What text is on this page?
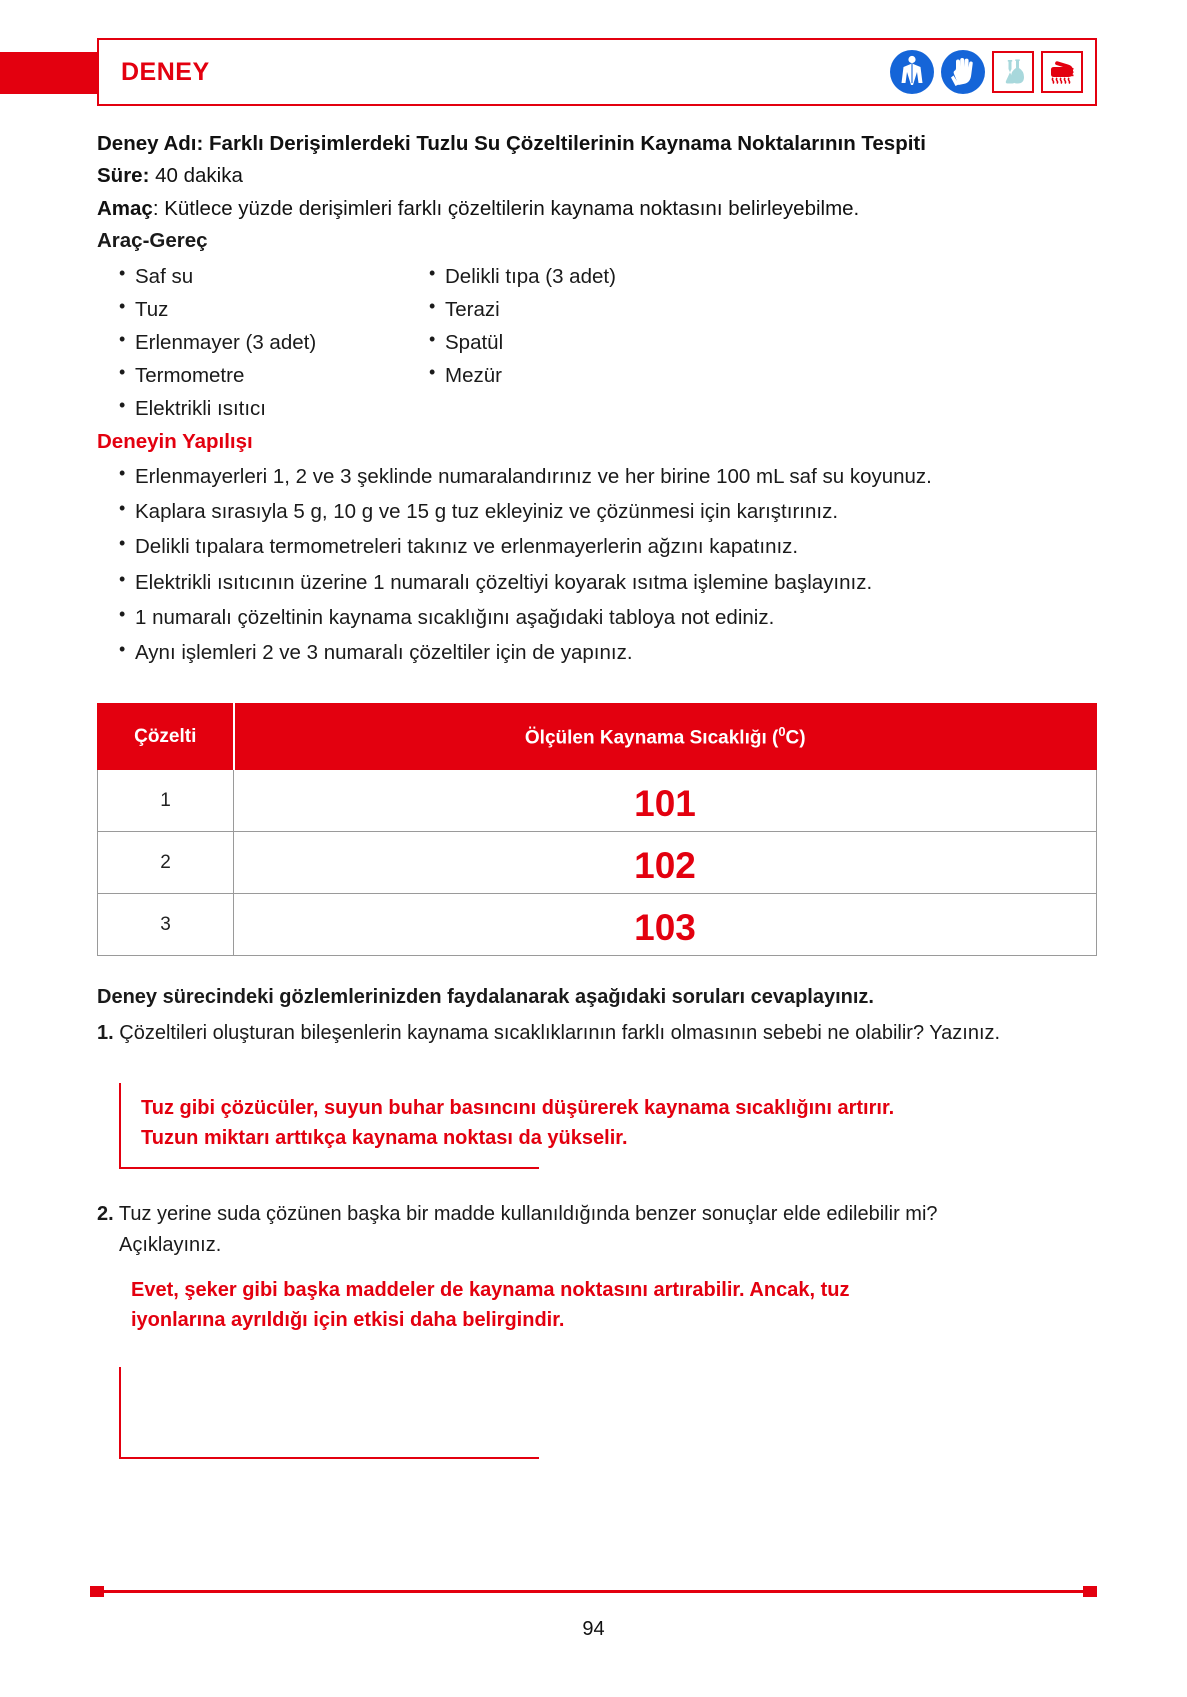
DENEY
Deney Adı: Farklı Derişimlerdeki Tuzlu Su Çözeltilerinin Kaynama Noktalarının Tespiti
Süre: 40 dakika
Amaç: Kütlece yüzde derişimleri farklı çözeltilerin kaynama noktasını belirleyebilme.
Araç-Gereç
• Saf su
• Tuz
• Erlenmayer (3 adet)
• Termometre
• Elektrikli ısıtıcı
• Delikli tıpa (3 adet)
• Terazi
• Spatül
• Mezür
Deneyin Yapılışı
• Erlenmayerleri 1, 2 ve 3 şeklinde numaralandırınız ve her birine 100 mL saf su koyunuz.
• Kaplara sırasıyla 5 g, 10 g ve 15 g tuz ekleyiniz ve çözünmesi için karıştırınız.
• Delikli tıpalara termometreleri takınız ve erlenmayerlerin ağzını kapatınız.
• Elektrikli ısıtıcının üzerine 1 numaralı çözeltiyi koyarak ısıtma işlemine başlayınız.
• 1 numaralı çözeltinin kaynama sıcaklığını aşağıdaki tabloya not ediniz.
• Aynı işlemleri 2 ve 3 numaralı çözeltiler için de yapınız.
Çözelti	Ölçülen Kaynama Sıcaklığı ($^0$C)
1	101
2	102
3	103
Deney sürecindeki gözlemlerinizden faydalanarak aşağıdaki soruları cevaplayınız.
1. Çözeltileri oluşturan bileşenlerin kaynama sıcaklıklarının farklı olmasının sebebi ne olabilir? Yazınız.
Tuz gibi çözücüler, suyun buhar basıncını düşürerek kaynama sıcaklığını artırır.
Tuzun miktarı arttıkça kaynama noktası da yükselir.
2. Tuz yerine suda çözünen başka bir madde kullanıldığında benzer sonuçlar elde edilebilir mi?
Açıklayınız.
Evet, şeker gibi başka maddeler de kaynama noktasını artırabilir. Ancak, tuz
iyonlarına ayrıldığı için etkisi daha belirgindir.
94
